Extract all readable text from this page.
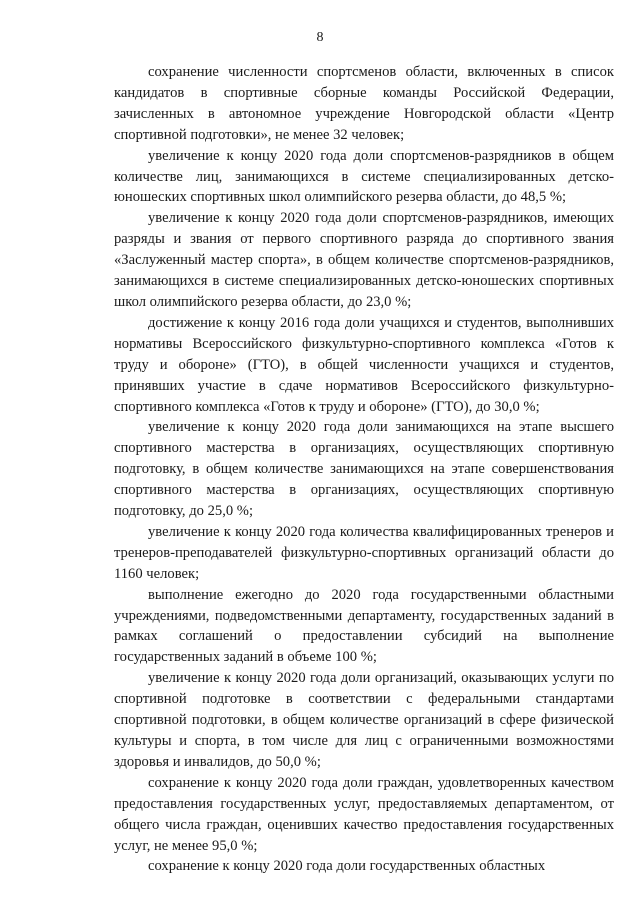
8

сохранение численности спортсменов области, включенных в список кандидатов в спортивные сборные команды Российской Федерации, зачисленных в автономное учреждение Новгородской области «Центр спортивной подготовки», не менее 32 человек;

увеличение к концу 2020 года доли спортсменов-разрядников в общем количестве лиц, занимающихся в системе специализированных детско-юношеских спортивных школ олимпийского резерва области, до 48,5 %;

увеличение к концу 2020 года доли спортсменов-разрядников, имеющих разряды и звания от первого спортивного разряда до спортивного звания «Заслуженный мастер спорта», в общем количестве спортсменов-разрядников, занимающихся в системе специализированных детско-юношеских спортивных школ олимпийского резерва области, до 23,0 %;

достижение к концу 2016 года доли учащихся и студентов, выполнивших нормативы Всероссийского физкультурно-спортивного комплекса «Готов к труду и обороне» (ГТО), в общей численности учащихся и студентов, принявших участие в сдаче нормативов Всероссийского физкультурно-спортивного комплекса «Готов к труду и обороне» (ГТО), до 30,0 %;

увеличение к концу 2020 года доли занимающихся на этапе высшего спортивного мастерства в организациях, осуществляющих спортивную подготовку, в общем количестве занимающихся на этапе совершенствования спортивного мастерства в организациях, осуществляющих спортивную подготовку, до 25,0 %;

увеличение к концу 2020 года количества квалифицированных тренеров и тренеров-преподавателей физкультурно-спортивных организаций области до 1160 человек;

выполнение ежегодно до 2020 года государственными областными учреждениями, подведомственными департаменту, государственных заданий в рамках соглашений о предоставлении субсидий на выполнение государственных заданий в объеме 100 %;

увеличение к концу 2020 года доли организаций, оказывающих услуги по спортивной подготовке в соответствии с федеральными стандартами спортивной подготовки, в общем количестве организаций в сфере физической культуры и спорта, в том числе для лиц с ограниченными возможностями здоровья и инвалидов, до 50,0 %;

сохранение к концу 2020 года доли граждан, удовлетворенных качеством предоставления государственных услуг, предоставляемых департаментом, от общего числа граждан, оценивших качество предоставления государственных услуг, не менее 95,0 %;

сохранение к концу 2020 года доли государственных областных
